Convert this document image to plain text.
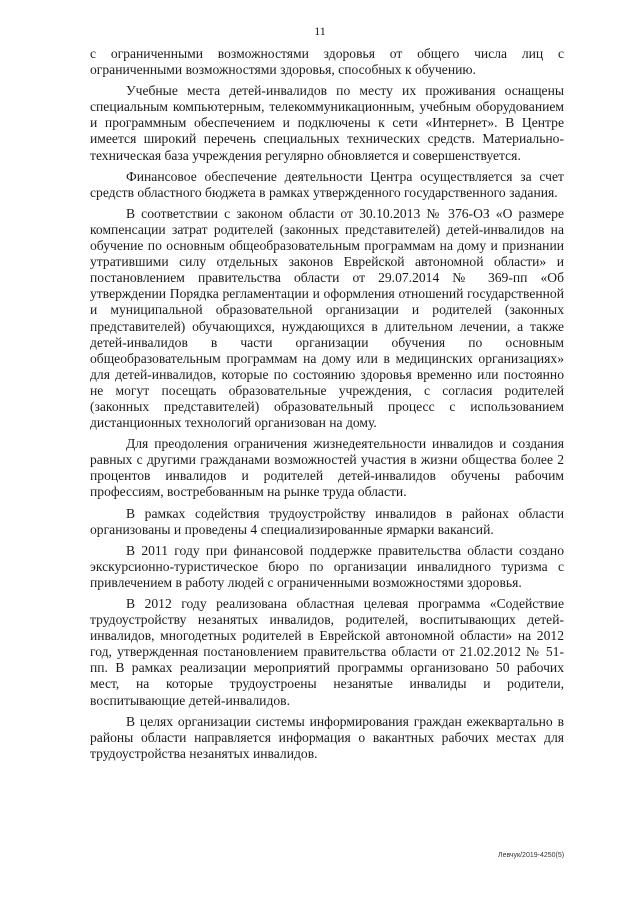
11

с ограниченными возможностями здоровья от общего числа лиц с ограниченными возможностями здоровья, способных к обучению.

Учебные места детей-инвалидов по месту их проживания оснащены специальным компьютерным, телекоммуникационным, учебным оборудованием и программным обеспечением и подключены к сети «Интернет». В Центре имеется широкий перечень специальных технических средств. Материально-техническая база учреждения регулярно обновляется и совершенствуется.

Финансовое обеспечение деятельности Центра осуществляется за счет средств областного бюджета в рамках утвержденного государственного задания.

В соответствии с законом области от 30.10.2013 № 376-ОЗ «О размере компенсации затрат родителей (законных представителей) детей-инвалидов на обучение по основным общеобразовательным программам на дому и признании утратившими силу отдельных законов Еврейской автономной области» и постановлением правительства области от 29.07.2014 № 369-пп «Об утверждении Порядка регламентации и оформления отношений государственной и муниципальной образовательной организации и родителей (законных представителей) обучающихся, нуждающихся в длительном лечении, а также детей-инвалидов в части организации обучения по основным общеобразовательным программам на дому или в медицинских организациях» для детей-инвалидов, которые по состоянию здоровья временно или постоянно не могут посещать образовательные учреждения, с согласия родителей (законных представителей) образовательный процесс с использованием дистанционных технологий организован на дому.

Для преодоления ограничения жизнедеятельности инвалидов и создания равных с другими гражданами возможностей участия в жизни общества более 2 процентов инвалидов и родителей детей-инвалидов обучены рабочим профессиям, востребованным на рынке труда области.

В рамках содействия трудоустройству инвалидов в районах области организованы и проведены 4 специализированные ярмарки вакансий.

В 2011 году при финансовой поддержке правительства области создано экскурсионно-туристическое бюро по организации инвалидного туризма с привлечением в работу людей с ограниченными возможностями здоровья.

В 2012 году реализована областная целевая программа «Содействие трудоустройству незанятых инвалидов, родителей, воспитывающих детей-инвалидов, многодетных родителей в Еврейской автономной области» на 2012 год, утвержденная постановлением правительства области от 21.02.2012 № 51-пп. В рамках реализации мероприятий программы организовано 50 рабочих мест, на которые трудоустроены незанятые инвалиды и родители, воспитывающие детей-инвалидов.

В целях организации системы информирования граждан ежеквартально в районы области направляется информация о вакантных рабочих местах для трудоустройства незанятых инвалидов.

Левчук/2019-4250(5)
